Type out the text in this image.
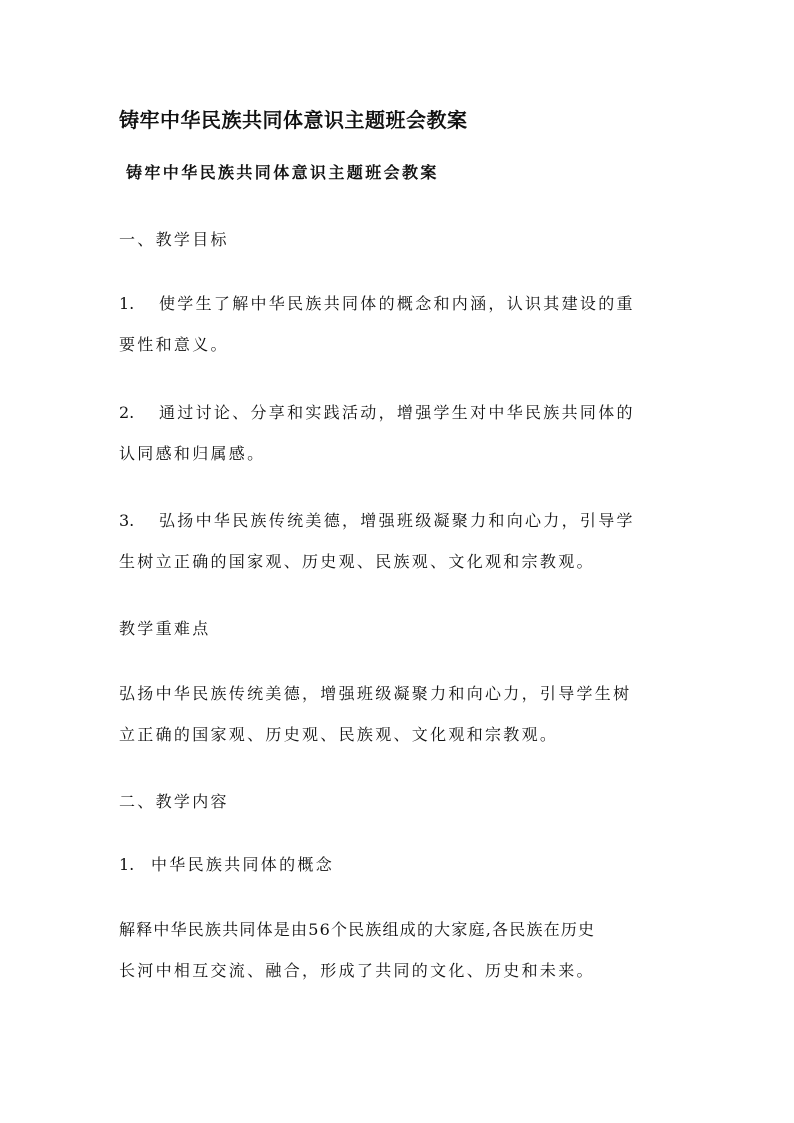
铸牢中华民族共同体意识主题班会教案
铸牢中华民族共同体意识主题班会教案
一、教学目标
1. 使学生了解中华民族共同体的概念和内涵，认识其建设的重
要性和意义。
2. 通过讨论、分享和实践活动，增强学生对中华民族共同体的
认同感和归属感。
3. 弘扬中华民族传统美德，增强班级凝聚力和向心力，引导学
生树立正确的国家观、历史观、民族观、文化观和宗教观。
教学重难点
弘扬中华民族传统美德，增强班级凝聚力和向心力，引导学生树
立正确的国家观、历史观、民族观、文化观和宗教观。
二、教学内容
1. 中华民族共同体的概念
解释中华民族共同体是由56个民族组成的大家庭,各民族在历史
长河中相互交流、融合，形成了共同的文化、历史和未来。
